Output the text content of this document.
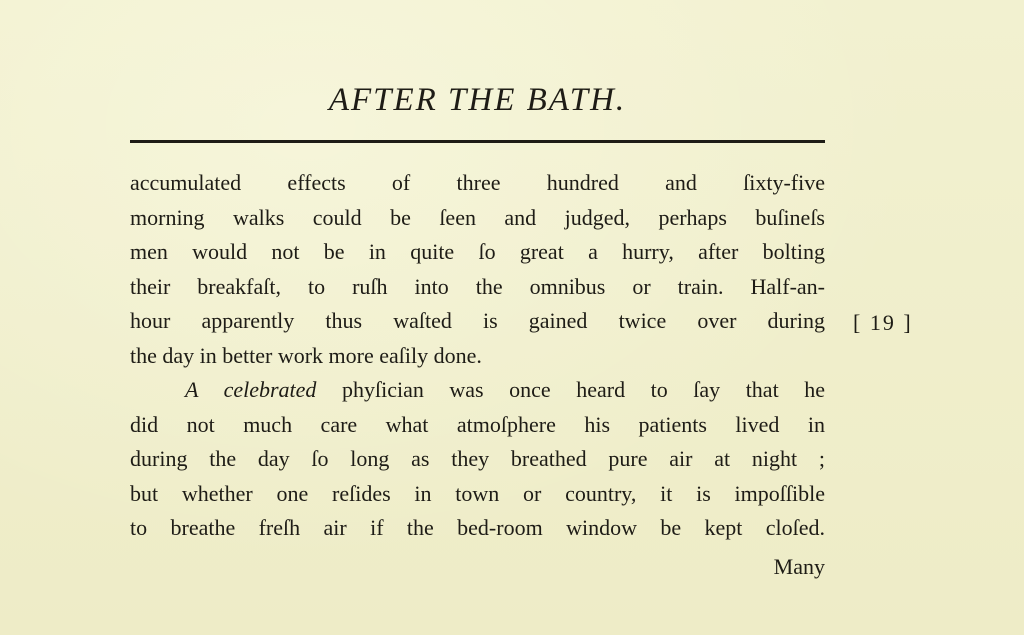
AFTER THE BATH.
accumulated effects of three hundred and ſixty-five
morning walks could be ſeen and judged, perhaps buſineſs
men would not be in quite ſo great a hurry, after bolting
their breakfaſt, to ruſh into the omnibus or train. Half-an-
hour apparently thus waſted is gained twice over during
the day in better work more eaſily done.
A celebrated phyſician was once heard to ſay that he
did not much care what atmoſphere his patients lived in
during the day ſo long as they breathed pure air at night ;
but whether one reſides in town or country, it is impoſſible
to breathe freſh air if the bed-room window be kept cloſed.
[ 19 ]
Many
